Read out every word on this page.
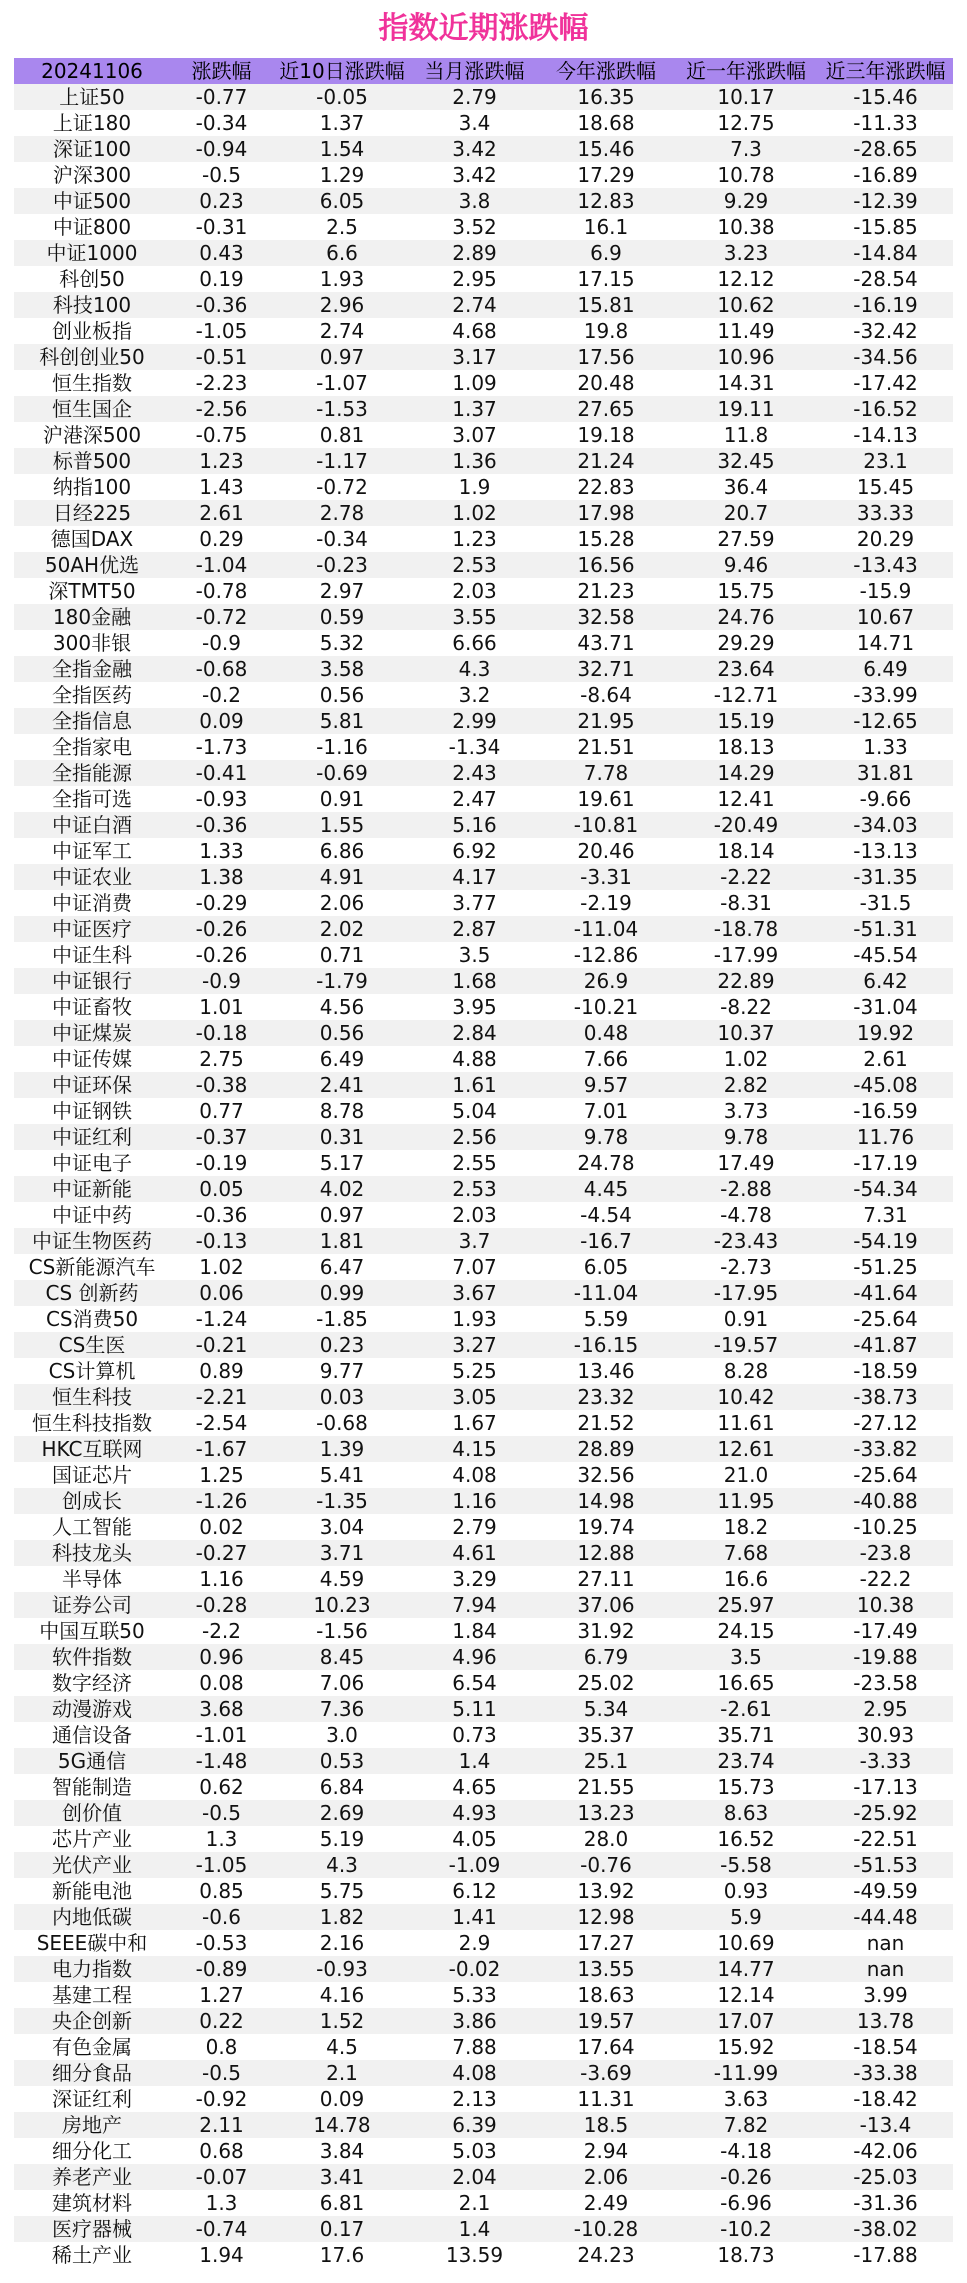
指数近期涨跌幅
20241106	涨跌幅	近10日涨跌幅	当月涨跌幅	今年涨跌幅	近一年涨跌幅	近三年涨跌幅
上证50	-0.77	-0.05	2.79	16.35	10.17	-15.46
上证180	-0.34	1.37	3.4	18.68	12.75	-11.33
深证100	-0.94	1.54	3.42	15.46	7.3	-28.65
沪深300	-0.5	1.29	3.42	17.29	10.78	-16.89
中证500	0.23	6.05	3.8	12.83	9.29	-12.39
中证800	-0.31	2.5	3.52	16.1	10.38	-15.85
中证1000	0.43	6.6	2.89	6.9	3.23	-14.84
科创50	0.19	1.93	2.95	17.15	12.12	-28.54
科技100	-0.36	2.96	2.74	15.81	10.62	-16.19
创业板指	-1.05	2.74	4.68	19.8	11.49	-32.42
科创创业50	-0.51	0.97	3.17	17.56	10.96	-34.56
恒生指数	-2.23	-1.07	1.09	20.48	14.31	-17.42
恒生国企	-2.56	-1.53	1.37	27.65	19.11	-16.52
沪港深500	-0.75	0.81	3.07	19.18	11.8	-14.13
标普500	1.23	-1.17	1.36	21.24	32.45	23.1
纳指100	1.43	-0.72	1.9	22.83	36.4	15.45
日经225	2.61	2.78	1.02	17.98	20.7	33.33
德国DAX	0.29	-0.34	1.23	15.28	27.59	20.29
50AH优选	-1.04	-0.23	2.53	16.56	9.46	-13.43
深TMT50	-0.78	2.97	2.03	21.23	15.75	-15.9
180金融	-0.72	0.59	3.55	32.58	24.76	10.67
300非银	-0.9	5.32	6.66	43.71	29.29	14.71
全指金融	-0.68	3.58	4.3	32.71	23.64	6.49
全指医药	-0.2	0.56	3.2	-8.64	-12.71	-33.99
全指信息	0.09	5.81	2.99	21.95	15.19	-12.65
全指家电	-1.73	-1.16	-1.34	21.51	18.13	1.33
全指能源	-0.41	-0.69	2.43	7.78	14.29	31.81
全指可选	-0.93	0.91	2.47	19.61	12.41	-9.66
中证白酒	-0.36	1.55	5.16	-10.81	-20.49	-34.03
中证军工	1.33	6.86	6.92	20.46	18.14	-13.13
中证农业	1.38	4.91	4.17	-3.31	-2.22	-31.35
中证消费	-0.29	2.06	3.77	-2.19	-8.31	-31.5
中证医疗	-0.26	2.02	2.87	-11.04	-18.78	-51.31
中证生科	-0.26	0.71	3.5	-12.86	-17.99	-45.54
中证银行	-0.9	-1.79	1.68	26.9	22.89	6.42
中证畜牧	1.01	4.56	3.95	-10.21	-8.22	-31.04
中证煤炭	-0.18	0.56	2.84	0.48	10.37	19.92
中证传媒	2.75	6.49	4.88	7.66	1.02	2.61
中证环保	-0.38	2.41	1.61	9.57	2.82	-45.08
中证钢铁	0.77	8.78	5.04	7.01	3.73	-16.59
中证红利	-0.37	0.31	2.56	9.78	9.78	11.76
中证电子	-0.19	5.17	2.55	24.78	17.49	-17.19
中证新能	0.05	4.02	2.53	4.45	-2.88	-54.34
中证中药	-0.36	0.97	2.03	-4.54	-4.78	7.31
中证生物医药	-0.13	1.81	3.7	-16.7	-23.43	-54.19
CS新能源汽车	1.02	6.47	7.07	6.05	-2.73	-51.25
CS 创新药	0.06	0.99	3.67	-11.04	-17.95	-41.64
CS消费50	-1.24	-1.85	1.93	5.59	0.91	-25.64
CS生医	-0.21	0.23	3.27	-16.15	-19.57	-41.87
CS计算机	0.89	9.77	5.25	13.46	8.28	-18.59
恒生科技	-2.21	0.03	3.05	23.32	10.42	-38.73
恒生科技指数	-2.54	-0.68	1.67	21.52	11.61	-27.12
HKC互联网	-1.67	1.39	4.15	28.89	12.61	-33.82
国证芯片	1.25	5.41	4.08	32.56	21.0	-25.64
创成长	-1.26	-1.35	1.16	14.98	11.95	-40.88
人工智能	0.02	3.04	2.79	19.74	18.2	-10.25
科技龙头	-0.27	3.71	4.61	12.88	7.68	-23.8
半导体	1.16	4.59	3.29	27.11	16.6	-22.2
证券公司	-0.28	10.23	7.94	37.06	25.97	10.38
中国互联50	-2.2	-1.56	1.84	31.92	24.15	-17.49
软件指数	0.96	8.45	4.96	6.79	3.5	-19.88
数字经济	0.08	7.06	6.54	25.02	16.65	-23.58
动漫游戏	3.68	7.36	5.11	5.34	-2.61	2.95
通信设备	-1.01	3.0	0.73	35.37	35.71	30.93
5G通信	-1.48	0.53	1.4	25.1	23.74	-3.33
智能制造	0.62	6.84	4.65	21.55	15.73	-17.13
创价值	-0.5	2.69	4.93	13.23	8.63	-25.92
芯片产业	1.3	5.19	4.05	28.0	16.52	-22.51
光伏产业	-1.05	4.3	-1.09	-0.76	-5.58	-51.53
新能电池	0.85	5.75	6.12	13.92	0.93	-49.59
内地低碳	-0.6	1.82	1.41	12.98	5.9	-44.48
SEEE碳中和	-0.53	2.16	2.9	17.27	10.69	nan
电力指数	-0.89	-0.93	-0.02	13.55	14.77	nan
基建工程	1.27	4.16	5.33	18.63	12.14	3.99
央企创新	0.22	1.52	3.86	19.57	17.07	13.78
有色金属	0.8	4.5	7.88	17.64	15.92	-18.54
细分食品	-0.5	2.1	4.08	-3.69	-11.99	-33.38
深证红利	-0.92	0.09	2.13	11.31	3.63	-18.42
房地产	2.11	14.78	6.39	18.5	7.82	-13.4
细分化工	0.68	3.84	5.03	2.94	-4.18	-42.06
养老产业	-0.07	3.41	2.04	2.06	-0.26	-25.03
建筑材料	1.3	6.81	2.1	2.49	-6.96	-31.36
医疗器械	-0.74	0.17	1.4	-10.28	-10.2	-38.02
稀土产业	1.94	17.6	13.59	24.23	18.73	-17.88
